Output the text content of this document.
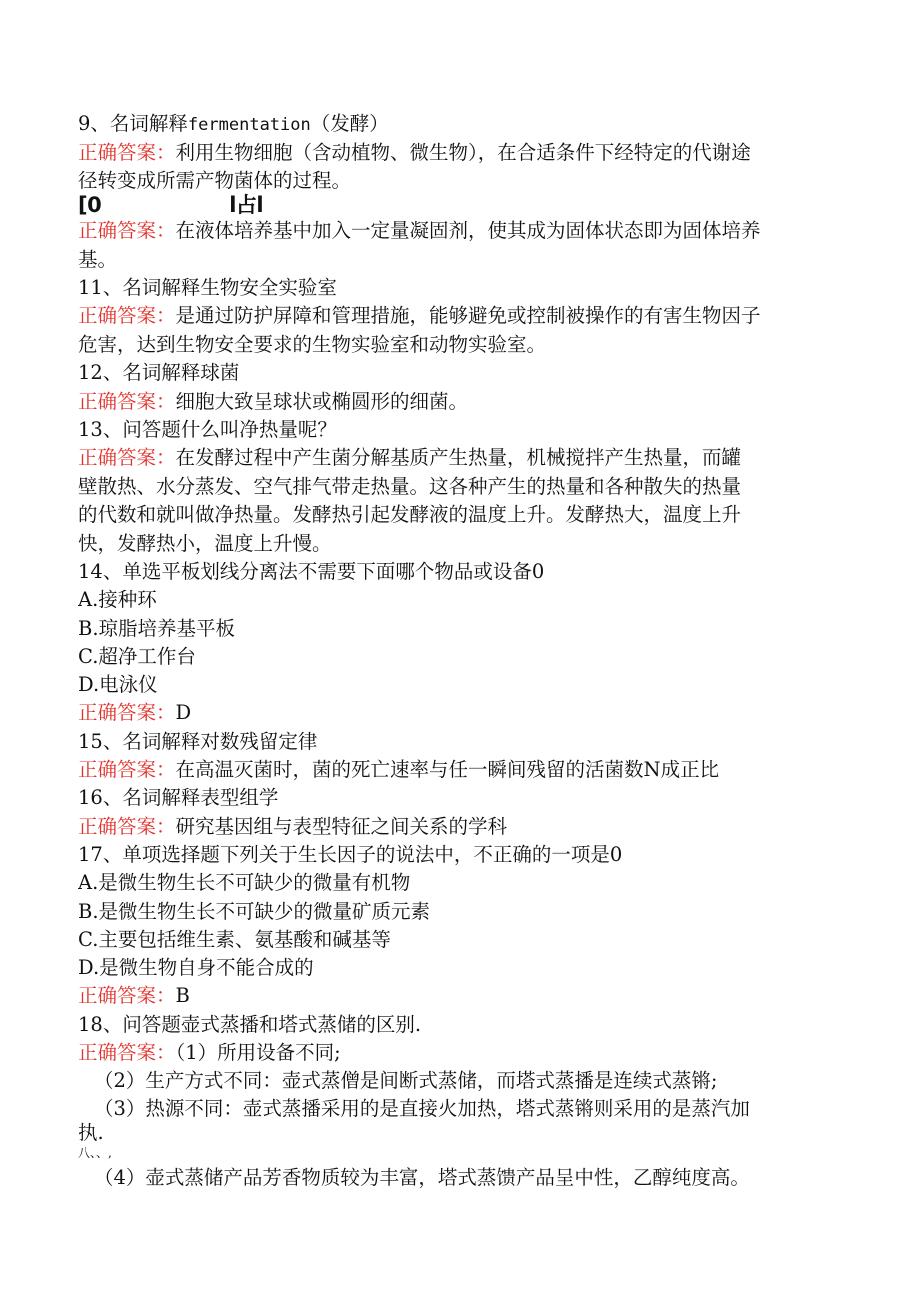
9、名词解释fermentation（发酵）
正确答案：利用生物细胞（含动植物、微生物），在合适条件下经特定的代谢途
径转变成所需产物菌体的过程。
[0	l占l
正确答案：在液体培养基中加入一定量凝固剂，使其成为固体状态即为固体培养
基。
11、名词解释生物安全实验室
正确答案：是通过防护屏障和管理措施，能够避免或控制被操作的有害生物因子
危害，达到生物安全要求的生物实验室和动物实验室。
12、名词解释球菌
正确答案：细胞大致呈球状或椭圆形的细菌。
13、问答题什么叫净热量呢？
正确答案：在发酵过程中产生菌分解基质产生热量，机械搅拌产生热量，而罐
壁散热、水分蒸发、空气排气带走热量。这各种产生的热量和各种散失的热量
的代数和就叫做净热量。发酵热引起发酵液的温度上升。发酵热大，温度上升
快，发酵热小，温度上升慢。
14、单选平板划线分离法不需要下面哪个物品或设备0
A.接种环
B.琼脂培养基平板
C.超净工作台
D.电泳仪
正确答案：D
15、名词解释对数残留定律
正确答案：在高温灭菌时，菌的死亡速率与任一瞬间残留的活菌数N成正比
16、名词解释表型组学
正确答案：研究基因组与表型特征之间关系的学科
17、单项选择题下列关于生长因子的说法中，不正确的一项是0
A.是微生物生长不可缺少的微量有机物
B.是微生物生长不可缺少的微量矿质元素
C.主要包括维生素、氨基酸和碱基等
D.是微生物自身不能合成的
正确答案：B
18、问答题壶式蒸播和塔式蒸储的区别.
正确答案：（1）所用设备不同;
（2）生产方式不同：壶式蒸僧是间断式蒸储，而塔式蒸播是连续式蒸锵;
（3）热源不同：壶式蒸播采用的是直接火加热，塔式蒸锵则采用的是蒸汽加
执.
八、、,
（4）壶式蒸储产品芳香物质较为丰富，塔式蒸馈产品呈中性，乙醇纯度高。
